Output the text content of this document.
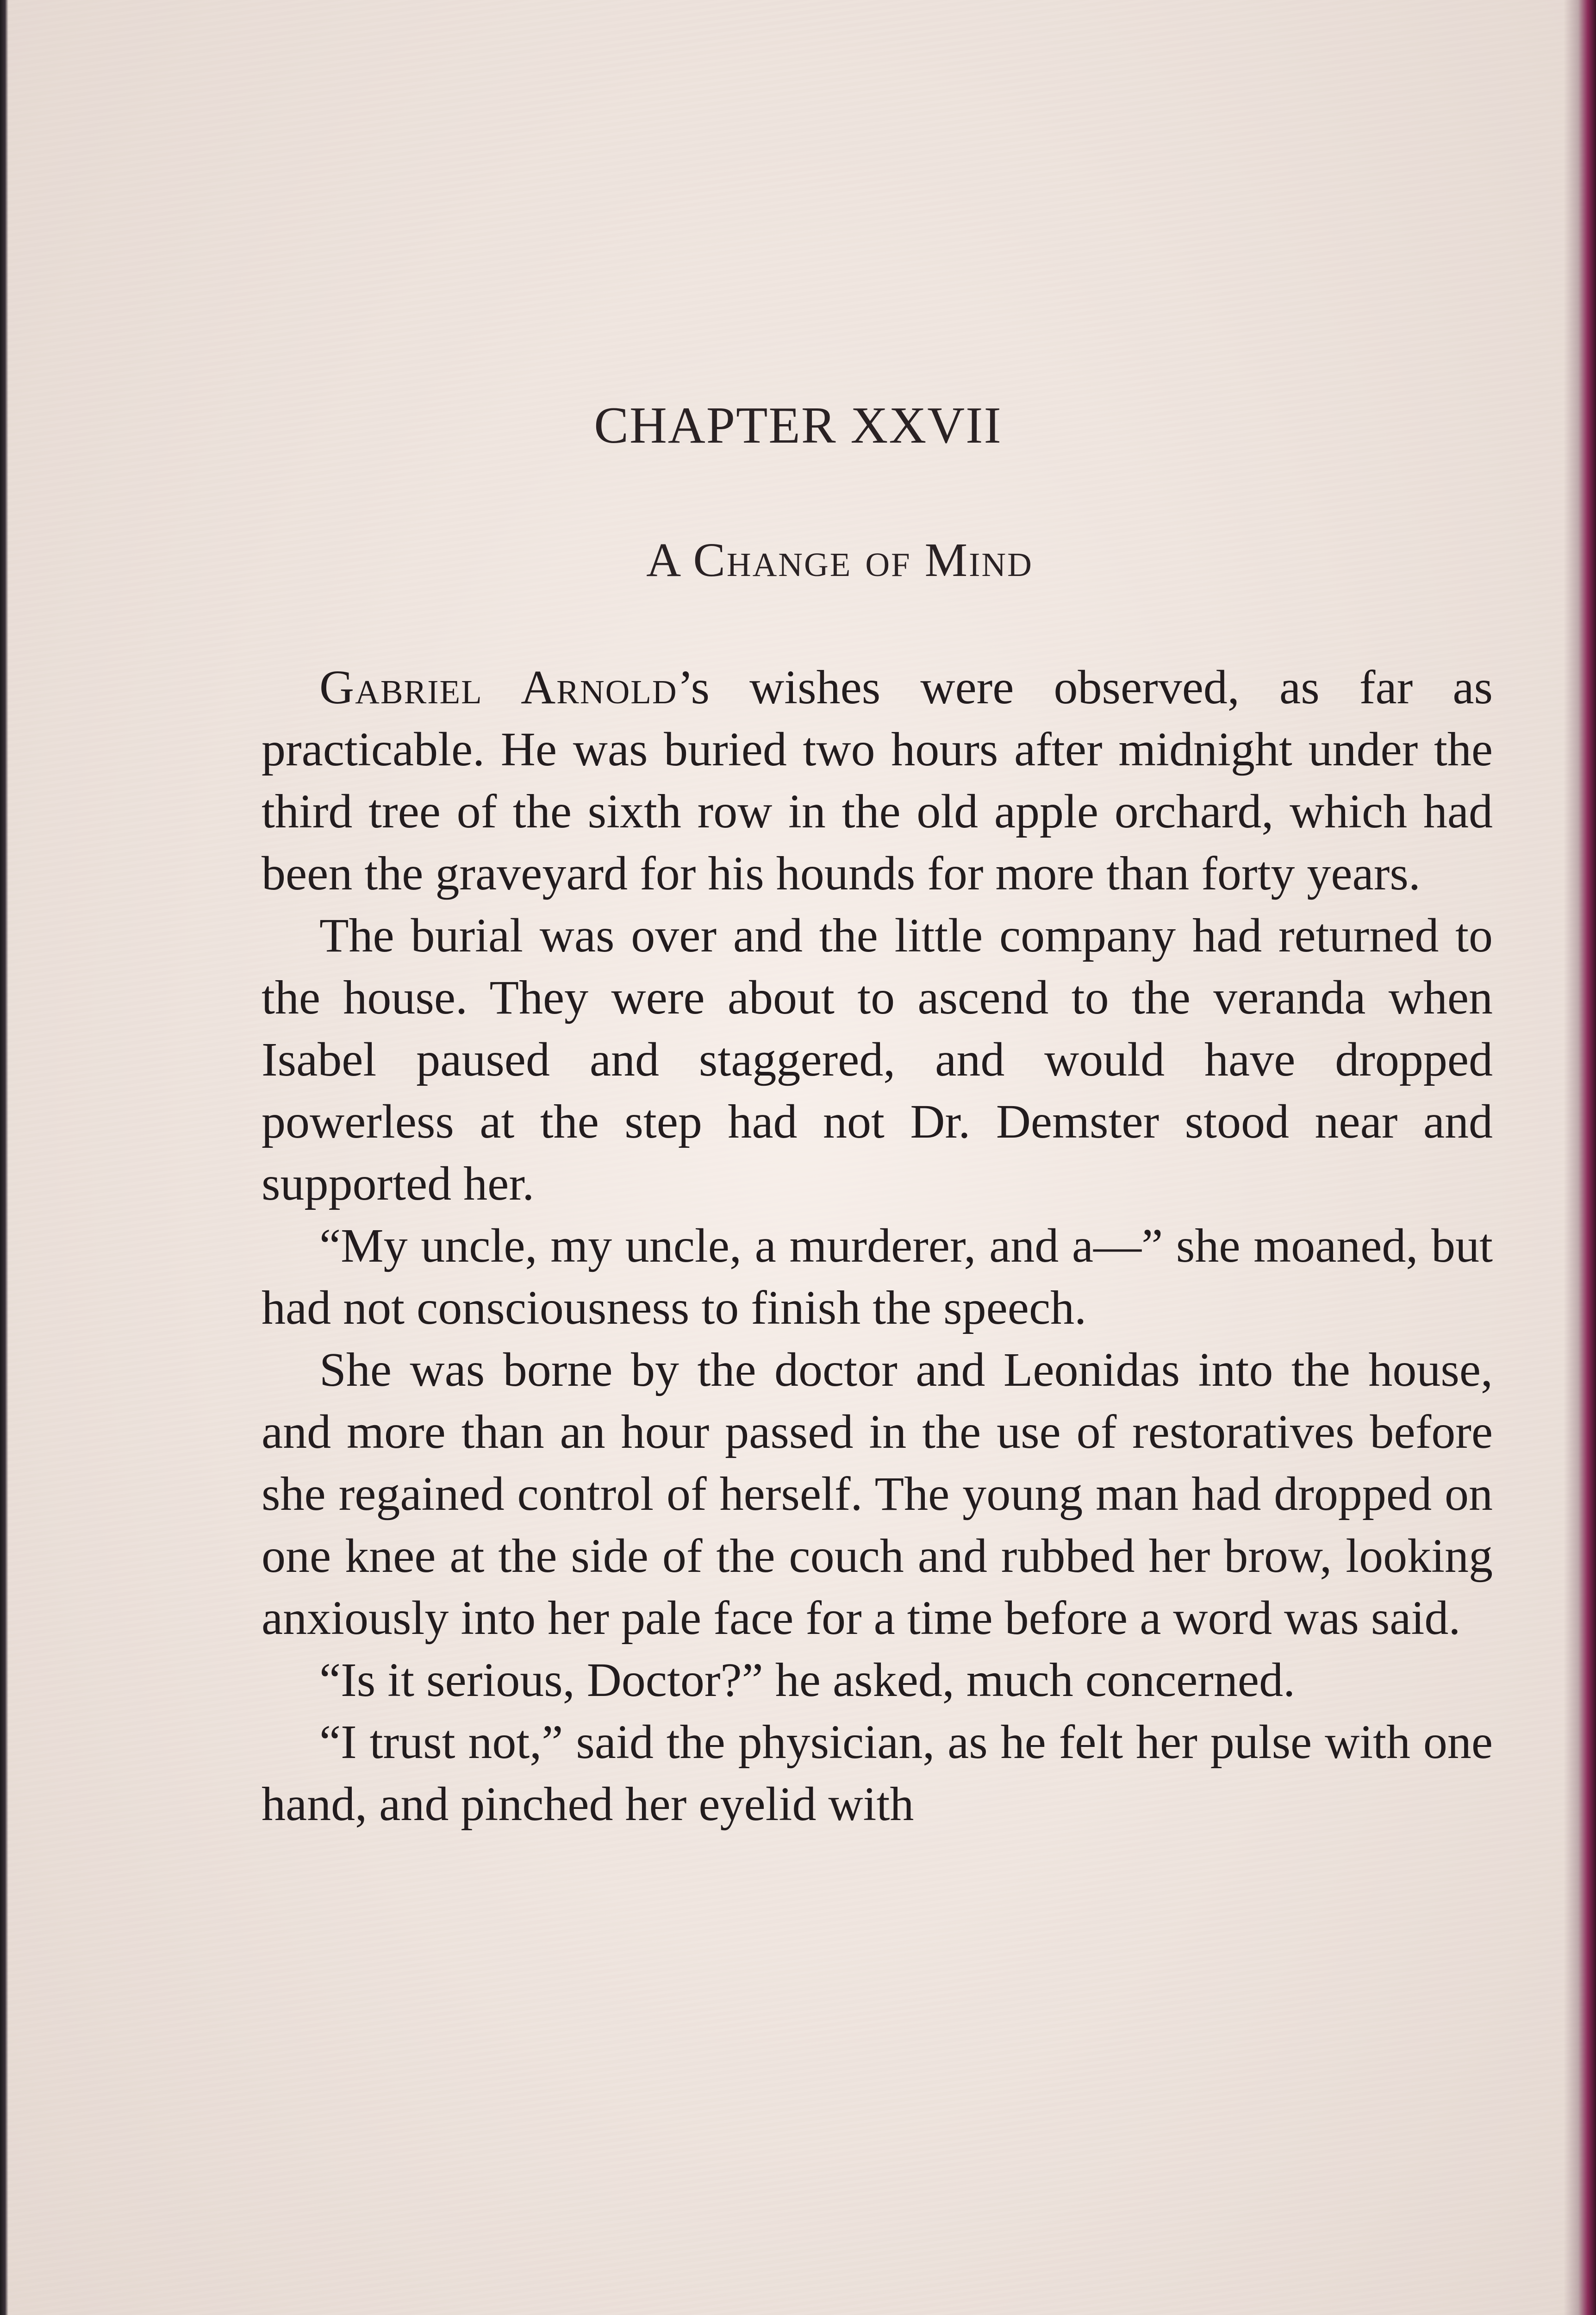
CHAPTER XXVII
A Change of Mind

Gabriel Arnold’s wishes were observed, as far as practicable. He was buried two hours after midnight under the third tree of the sixth row in the old apple orchard, which had been the graveyard for his hounds for more than forty years.

The burial was over and the little company had returned to the house. They were about to ascend to the veranda when Isabel paused and staggered, and would have dropped powerless at the step had not Dr. Demster stood near and supported her.

“My uncle, my uncle, a murderer, and a—” she moaned, but had not consciousness to finish the speech.

She was borne by the doctor and Leonidas into the house, and more than an hour passed in the use of restoratives before she regained control of herself. The young man had dropped on one knee at the side of the couch and rubbed her brow, looking anxiously into her pale face for a time before a word was said.

“Is it serious, Doctor?” he asked, much concerned.

“I trust not,” said the physician, as he felt her pulse with one hand, and pinched her eyelid with
